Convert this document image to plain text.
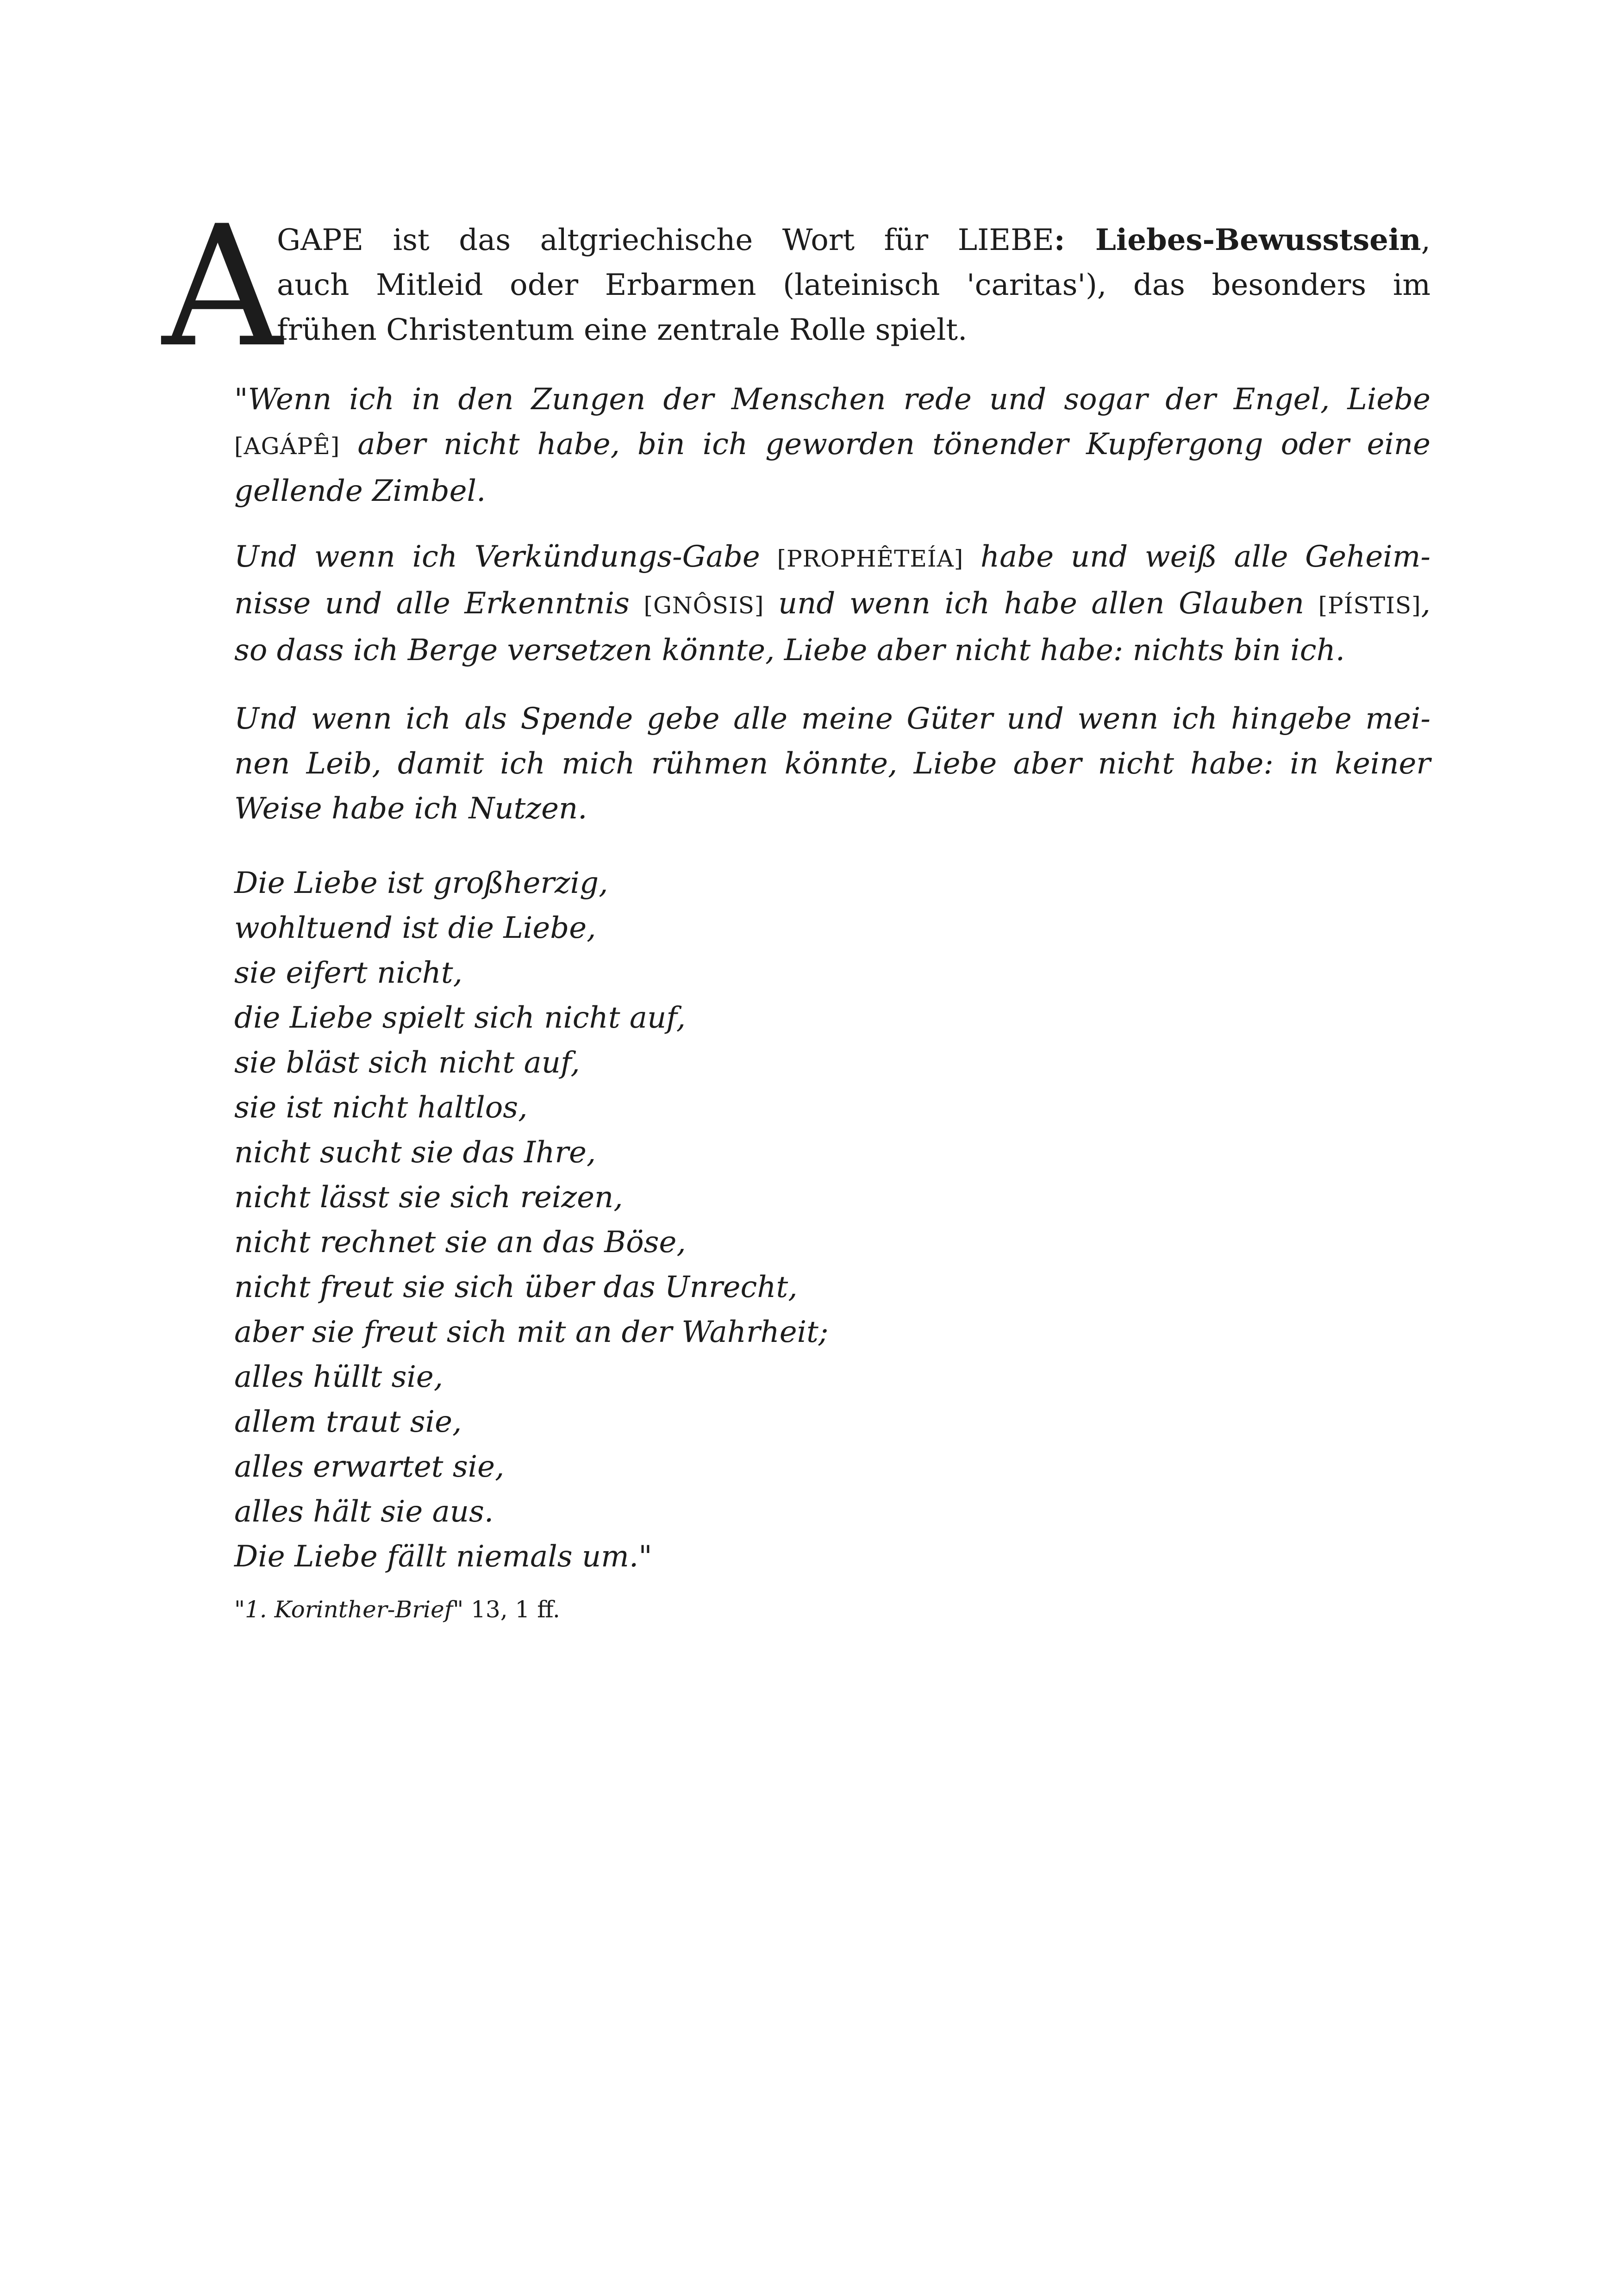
A
GAPE ist das altgriechische Wort für LIEBE: Liebes-Bewusstsein,
auch Mitleid oder Erbarmen (lateinisch 'caritas'), das besonders im
frühen Christentum eine zentrale Rolle spielt.
"Wenn ich in den Zungen der Menschen rede und sogar der Engel, Liebe
[AGÁPÊ] aber nicht habe, bin ich geworden tönender Kupfergong oder eine
gellende Zimbel.
Und wenn ich Verkündungs-Gabe [PROPHÊTEÍA] habe und weiß alle Geheim-
nisse und alle Erkenntnis [GNÔSIS] und wenn ich habe allen Glauben [PÍSTIS],
so dass ich Berge versetzen könnte, Liebe aber nicht habe: nichts bin ich.
Und wenn ich als Spende gebe alle meine Güter und wenn ich hingebe mei-
nen Leib, damit ich mich rühmen könnte, Liebe aber nicht habe: in keiner
Weise habe ich Nutzen.
Die Liebe ist großherzig,
wohltuend ist die Liebe,
sie eifert nicht,
die Liebe spielt sich nicht auf,
sie bläst sich nicht auf,
sie ist nicht haltlos,
nicht sucht sie das Ihre,
nicht lässt sie sich reizen,
nicht rechnet sie an das Böse,
nicht freut sie sich über das Unrecht,
aber sie freut sich mit an der Wahrheit;
alles hüllt sie,
allem traut sie,
alles erwartet sie,
alles hält sie aus.
Die Liebe fällt niemals um."
"1. Korinther-Brief" 13, 1 ff.
